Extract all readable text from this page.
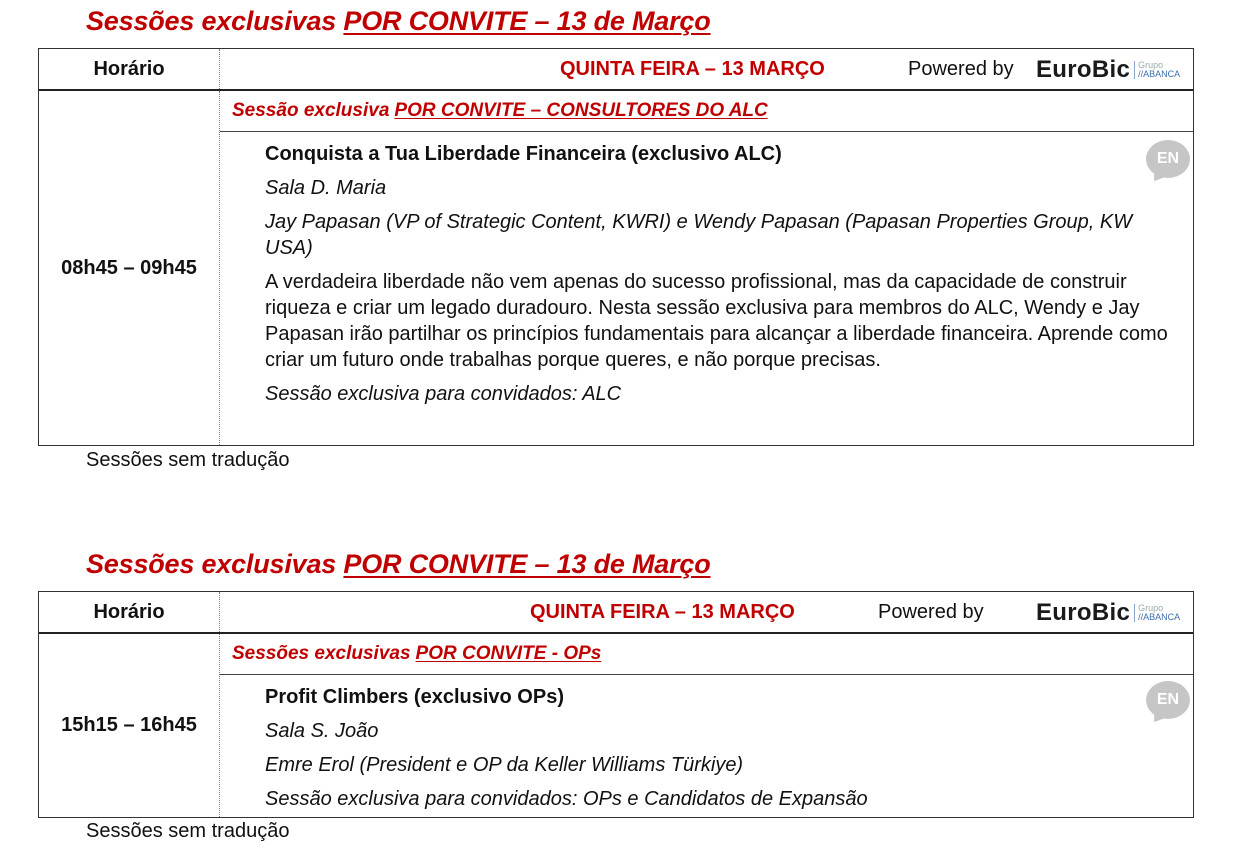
Sessões exclusivas POR CONVITE – 13 de Março
Horário	QUINTA FEIRA – 13 MARÇO	Powered by EuroBic Grupo
//ABANCA
08h45 – 09h45
Sessão exclusiva POR CONVITE – CONSULTORES DO ALC

Conquista a Tua Liberdade Financeira (exclusivo ALC)

Sala D. Maria

Jay Papasan (VP of Strategic Content, KWRI) e Wendy Papasan (Papasan Properties Group, KW USA)

A verdadeira liberdade não vem apenas do sucesso profissional, mas da capacidade de construir riqueza e criar um legado duradouro. Nesta sessão exclusiva para membros do ALC, Wendy e Jay Papasan irão partilhar os princípios fundamentais para alcançar a liberdade financeira. Aprende como criar um futuro onde trabalhas porque queres, e não porque precisas.

Sessão exclusiva para convidados: ALC

EN
Sessões sem tradução
Sessões exclusivas POR CONVITE – 13 de Março
Horário	QUINTA FEIRA – 13 MARÇO	Powered by EuroBic Grupo
//ABANCA
15h15 – 16h45
Sessões exclusivas POR CONVITE - OPs

Profit Climbers (exclusivo OPs)

Sala S. João

Emre Erol (President e OP da Keller Williams Türkiye)

Sessão exclusiva para convidados: OPs e Candidatos de Expansão

EN
Sessões sem tradução
